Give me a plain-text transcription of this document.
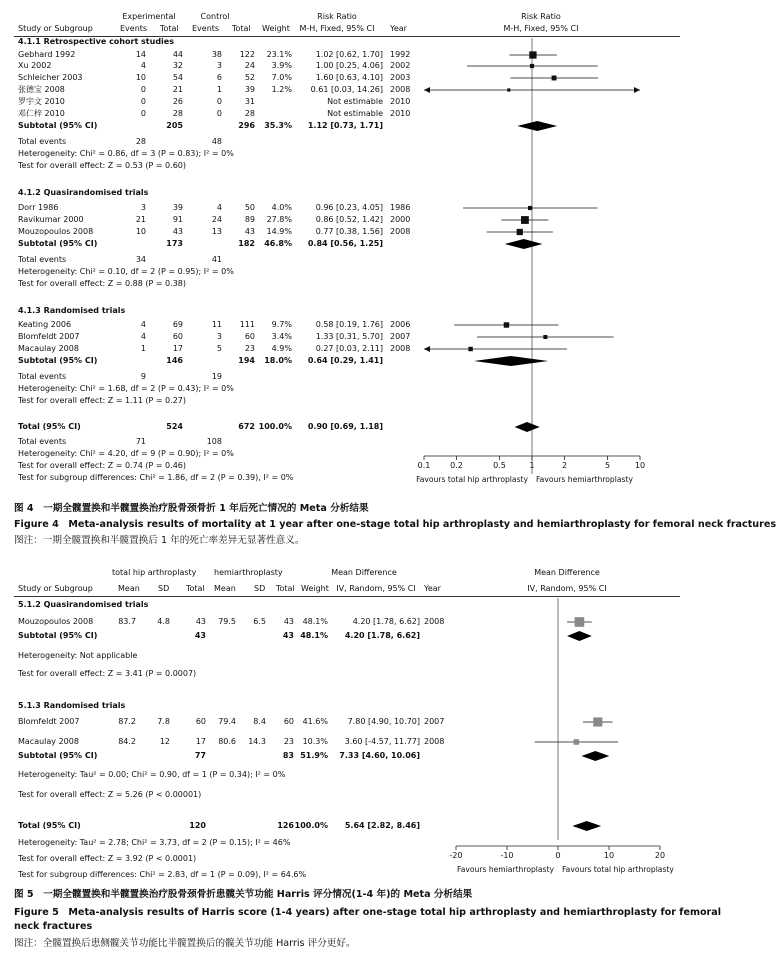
Experimental	Control	Risk Ratio	Risk Ratio
Study or Subgroup	Events Total Events Total Weight	M-H, Fixed, 95% CI	Year	M-H, Fixed, 95% CI
4.1.1 Retrospective cohort studies
Gebhard 1992	14	44	38	122	23.1%	1.02 [0.62, 1.70] 1992
Xu 2002	4	32	3	24	3.9%	1.00 [0.25, 4.06] 2002
Schleicher 2003	10	54	6	52	7.0%	1.60 [0.63, 4.10] 2003
张德宝 2008	0	21	1	39	1.2%	0.61 [0.03, 14.26] 2008
罗宇文 2010	0	26	0	31	Not estimable 2010
邓仁梓 2010	0	28	0	28	Not estimable 2010
Subtotal (95% CI)	205	296	35.3%	1.12 [0.73, 1.71]
Total events	28	48
Heterogeneity: Chi² = 0.86, df = 3 (P = 0.83); I² = 0%
Test for overall effect: Z = 0.53 (P = 0.60)
4.1.2 Quasirandomised trials
Dorr 1986	3	39	4	50	4.0%	0.96 [0.23, 4.05] 1986
Ravikumar 2000	21	91	24	89	27.8%	0.86 [0.52, 1.42] 2000
Mouzopoulos 2008	10	43	13	43	14.9%	0.77 [0.38, 1.56] 2008
Subtotal (95% CI)	173	182	46.8%	0.84 [0.56, 1.25]
Total events	34	41
Heterogeneity: Chi² = 0.10, df = 2 (P = 0.95); I² = 0%
Test for overall effect: Z = 0.88 (P = 0.38)
4.1.3 Randomised trials
Keating 2006	4	69	11	111	9.7%	0.58 [0.19, 1.76] 2006
Blomfeldt 2007	4	60	3	60	3.4%	1.33 [0.31, 5.70] 2007
Macaulay 2008	1	17	5	23	4.9%	0.27 [0.03, 2.11] 2008
Subtotal (95% CI)	146	194	18.0%	0.64 [0.29, 1.41]
Total events	9	19
Heterogeneity: Chi² = 1.68, df = 2 (P = 0.43); I² = 0%
Test for overall effect: Z = 1.11 (P = 0.27)
Total (95% CI)	524	672 100.0%	0.90 [0.69, 1.18]
Total events	71	108
Heterogeneity: Chi² = 4.20, df = 9 (P = 0.90); I² = 0%
Test for overall effect: Z = 0.74 (P = 0.46)
Test for subgroup differences: Chi² = 1.86, df = 2 (P = 0.39), I² = 0%
total hip arthroplasty hemiarthroplasty	Mean Difference	Mean Difference
Study or Subgroup	Mean SD Total Mean SD Total Weight IV, Random, 95% CI	Year	IV, Random, 95% CI
5.1.2 Quasirandomised trials
Mouzopoulos 2008	83.7	4.8	43	79.5	6.5	43	48.1%	4.20 [1.78, 6.62] 2008
Subtotal (95% CI)	43	43 48.1%	4.20 [1.78, 6.62]
Heterogeneity: Not applicable
Test for overall effect: Z = 3.41 (P = 0.0007)
5.1.3 Randomised trials
Blomfeldt 2007	87.2	7.8	60	79.4	8.4	60	41.6%	7.80 [4.90, 10.70] 2007
Macaulay 2008	84.2	12	17	80.6	14.3	23	10.3%	3.60 [-4.57, 11.77] 2008
Subtotal (95% CI)	77	83 51.9%	7.33 [4.60, 10.06]
Heterogeneity: Tau² = 0.00; Chi² = 0.90, df = 1 (P = 0.34); I² = 0%
Test for overall effect: Z = 5.26 (P < 0.00001)
Total (95% CI)	120	126 100.0%	5.64 [2.82, 8.46]
Heterogeneity: Tau² = 2.78; Chi² = 3.73, df = 2 (P = 0.15); I² = 46%
Test for overall effect: Z = 3.92 (P < 0.0001)
Test for subgroup differences: Chi² = 2.83, df = 1 (P = 0.09), I² = 64.6%
0.1 0.2	0.5	1	2	5	10
Favours total hip arthroplasty Favours hemiarthroplasty
-20	-10	0	10	20
Favours hemiarthroplasty Favours total hip arthroplasty
图 4　一期全髋置换和半髋置换治疗股骨颈骨折 1 年后死亡情况的 Meta 分析结果
Figure 4　Meta-analysis results of mortality at 1 year after one-stage total hip arthroplasty and hemiarthroplasty for femoral neck fractures
图注：一期全髋置换和半髋置换后 1 年的死亡率差异无显著性意义。
图 5　一期全髋置换和半髋置换治疗股骨颈骨折患髋关节功能 Harris 评分情况(1-4 年)的 Meta 分析结果
Figure 5　Meta-analysis results of Harris score (1-4 years) after one-stage total hip arthroplasty and hemiarthroplasty for femoral
neck fractures
图注：全髋置换后患侧髋关节功能比半髋置换后的髋关节功能 Harris 评分更好。
